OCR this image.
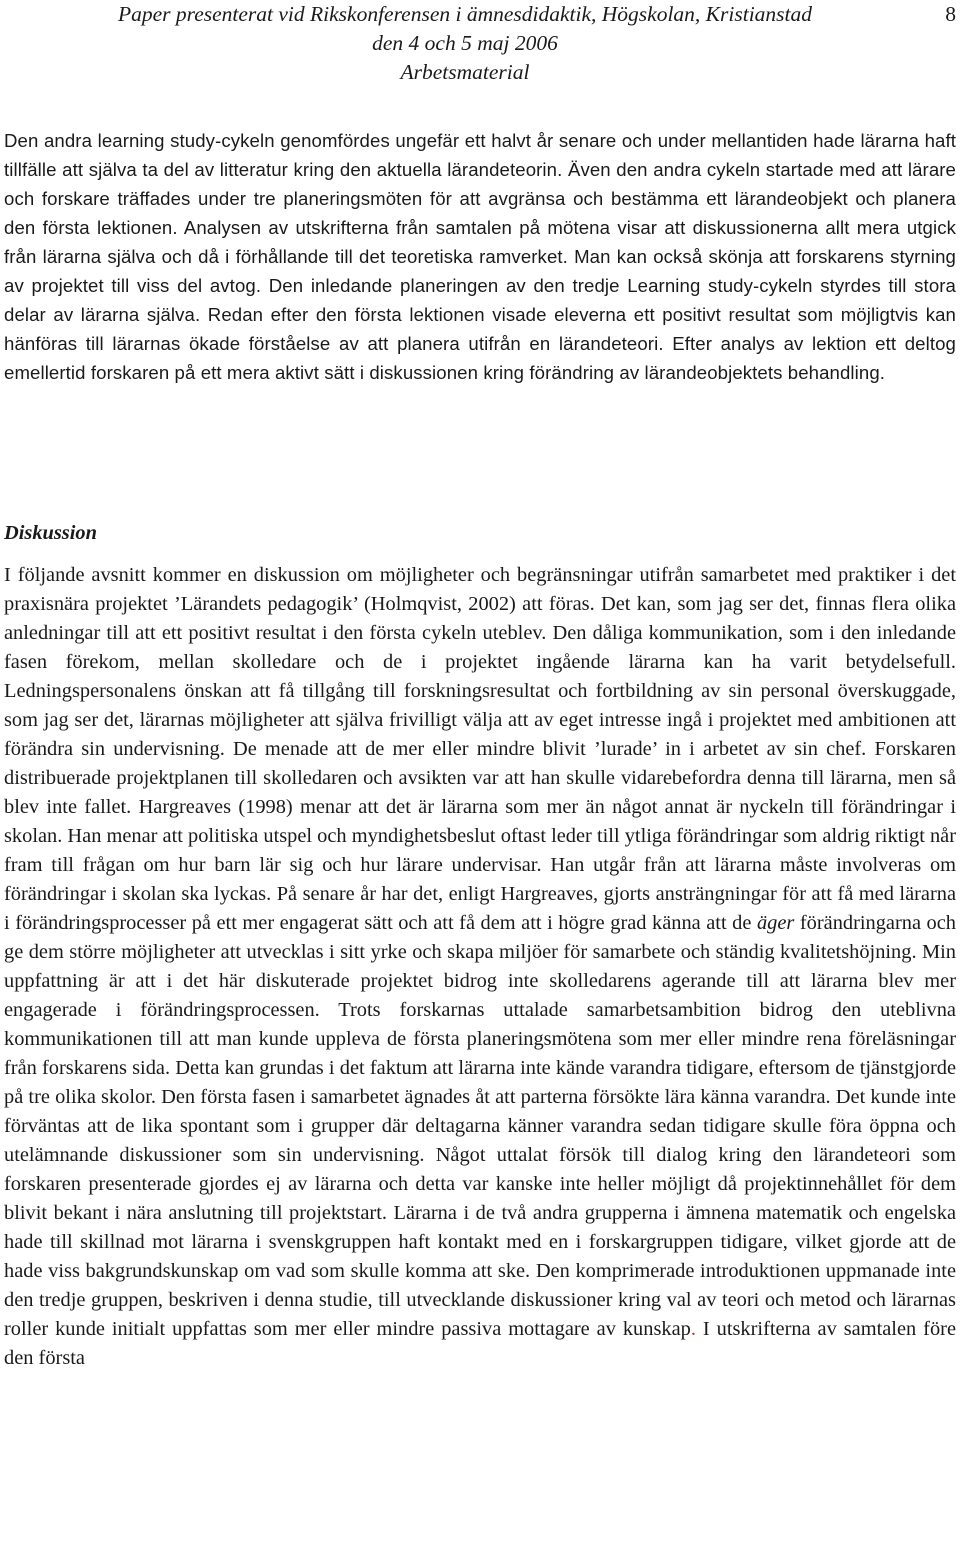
Paper presenterat vid Rikskonferensen i ämnesdidaktik, Högskolan, Kristianstad
den 4 och 5 maj 2006
Arbetsmaterial
8

Den andra learning study-cykeln genomfördes ungefär ett halvt år senare och under mellantiden hade lärarna haft tillfälle att själva ta del av litteratur kring den aktuella lärandeteorin. Även den andra cykeln startade med att lärare och forskare träffades under tre planeringsmöten för att avgränsa och bestämma ett lärandeobjekt och planera den första lektionen. Analysen av utskrifterna från samtalen på mötena visar att diskussionerna allt mera utgick från lärarna själva och då i förhållande till det teoretiska ramverket. Man kan också skönja att forskarens styrning av projektet till viss del avtog. Den inledande planeringen av den tredje Learning study-cykeln styrdes till stora delar av lärarna själva. Redan efter den första lektionen visade eleverna ett positivt resultat som möjligtvis kan hänföras till lärarnas ökade förståelse av att planera utifrån en lärandeteori. Efter analys av lektion ett deltog emellertid forskaren på ett mera aktivt sätt i diskussionen kring förändring av lärandeobjektets behandling.

Diskussion

I följande avsnitt kommer en diskussion om möjligheter och begränsningar utifrån samarbetet med praktiker i det praxisnära projektet ’Lärandets pedagogik’ (Holmqvist, 2002) att föras. Det kan, som jag ser det, finnas flera olika anledningar till att ett positivt resultat i den första cykeln uteblev. Den dåliga kommunikation, som i den inledande fasen förekom, mellan skolledare och de i projektet ingående lärarna kan ha varit betydelsefull. Ledningspersonalens önskan att få tillgång till forskningsresultat och fortbildning av sin personal överskuggade, som jag ser det, lärarnas möjligheter att själva frivilligt välja att av eget intresse ingå i projektet med ambitionen att förändra sin undervisning. De menade att de mer eller mindre blivit ’lurade’ in i arbetet av sin chef. Forskaren distribuerade projektplanen till skolledaren och avsikten var att han skulle vidarebefordra denna till lärarna, men så blev inte fallet. Hargreaves (1998) menar att det är lärarna som mer än något annat är nyckeln till förändringar i skolan. Han menar att politiska utspel och myndighetsbeslut oftast leder till ytliga förändringar som aldrig riktigt når fram till frågan om hur barn lär sig och hur lärare undervisar. Han utgår från att lärarna måste involveras om förändringar i skolan ska lyckas. På senare år har det, enligt Hargreaves, gjorts ansträngningar för att få med lärarna i förändringsprocesser på ett mer engagerat sätt och att få dem att i högre grad känna att de äger förändringarna och ge dem större möjligheter att utvecklas i sitt yrke och skapa miljöer för samarbete och ständig kvalitetshöjning. Min uppfattning är att i det här diskuterade projektet bidrog inte skolledarens agerande till att lärarna blev mer engagerade i förändringsprocessen. Trots forskarnas uttalade samarbetsambition bidrog den uteblivna kommunikationen till att man kunde uppleva de första planeringsmötena som mer eller mindre rena föreläsningar från forskarens sida. Detta kan grundas i det faktum att lärarna inte kände varandra tidigare, eftersom de tjänstgjorde på tre olika skolor. Den första fasen i samarbetet ägnades åt att parterna försökte lära känna varandra. Det kunde inte förväntas att de lika spontant som i grupper där deltagarna känner varandra sedan tidigare skulle föra öppna och utelämnande diskussioner som sin undervisning. Något uttalat försök till dialog kring den lärandeteori som forskaren presenterade gjordes ej av lärarna och detta var kanske inte heller möjligt då projektinnehållet för dem blivit bekant i nära anslutning till projektstart. Lärarna i de två andra grupperna i ämnena matematik och engelska hade till skillnad mot lärarna i svenskgruppen haft kontakt med en i forskargruppen tidigare, vilket gjorde att de hade viss bakgrundskunskap om vad som skulle komma att ske. Den komprimerade introduktionen uppmanade inte den tredje gruppen, beskriven i denna studie, till utvecklande diskussioner kring val av teori och metod och lärarnas roller kunde initialt uppfattas som mer eller mindre passiva mottagare av kunskap. I utskrifterna av samtalen före den första
